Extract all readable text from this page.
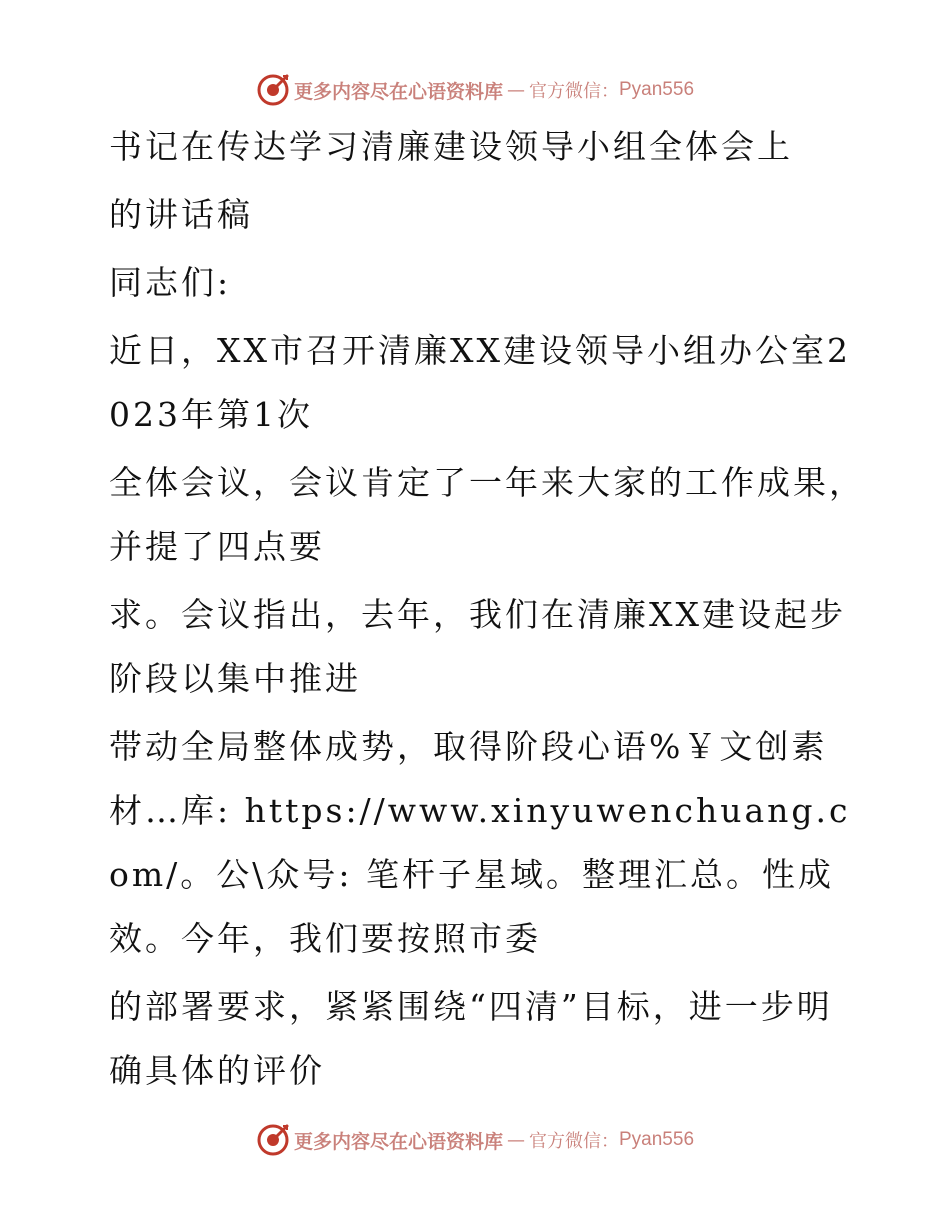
更多内容尽在心语资料库 — 官方微信： Pyan556

书记在传达学习清廉建设领导小组全体会上

的讲话稿

同志们:

近日，XX市召开清廉XX建设领导小组办公室2023年第1次

全体会议，会议肯定了一年来大家的工作成果，并提了四点要

求。会议指出，去年，我们在清廉XX建设起步阶段以集中推进

带动全局整体成势，取得阶段心语%￥文创素材…库: https://www.xinyuwenchuang.com/。公\众号: 笔杆子星域。整理汇总。性成效。今年，我们要按照市委

的部署要求，紧紧围绕“四清”目标，进一步明确具体的评价

更多内容尽在心语资料库 — 官方微信： Pyan556
